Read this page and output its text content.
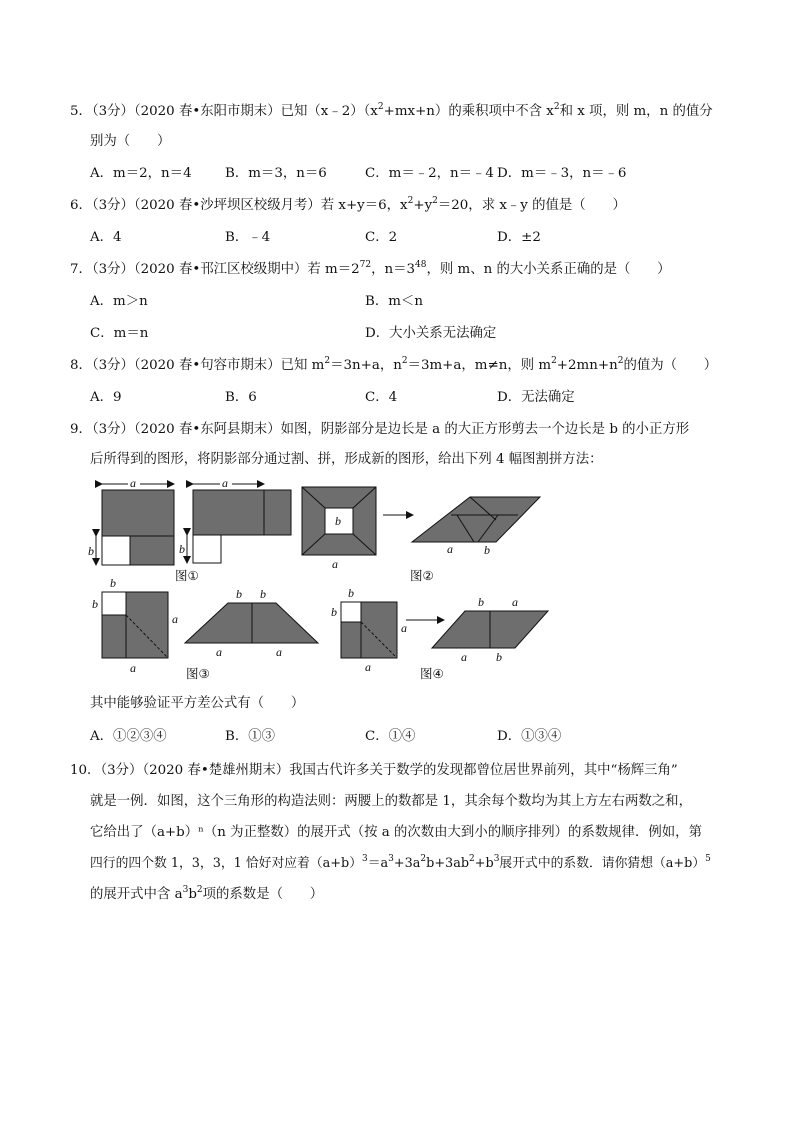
5．（3分）（2020 春•东阳市期末）已知$(x﹣2)(x^2+mx+n)$的乘积项中不含 $x^2$和 x 项，则 m，n 的值分
别为（　　）
A．m＝2，n＝4 B．m＝3，n＝6	C．m＝﹣2，n＝﹣4 D．m＝﹣3，n＝﹣6
6．（3分）（2020 春•沙坪坝区校级月考）若 x+y＝6，$x^2+y^2=20$，求 x﹣y 的值是（　　）
A．4	B．﹣4	C．2	D．±2
7．（3分）（2020 春•邗江区校级期中）若 $m=2^{72}$，$n=3^{48}$，则 m、n 的大小关系正确的是（　　）
A．m＞n	B．m＜n
C．m＝n	D．大小关系无法确定
8．（3分）（2020 春•句容市期末）已知 $m^2=3n+a$，$n^2=3m+a$，m≠n，则 $m^2+2mn+n^2$的值为（　　）
A．9	B．6	C．4	D．无法确定
9．（3分）（2020 春•东阿县期末）如图，阴影部分是边长是 a 的大正方形剪去一个边长是 b 的小正方形
后所得到的图形，将阴影部分通过割、拼，形成新的图形，给出下列 4 幅图割拼方法：
a
b
a
b
图①
b
a
a	b
图②
b
b
a
a
b b
a	a
图③
b
b
a
a
b a
a b
图④
其中能够验证平方差公式有（　　）
A．①②③④	B．①③	C．①④	D．①③④
10．（3分）（2020 春•楚雄州期末）我国古代许多关于数学的发现都曾位居世界前列，其中“杨辉三角”
就是一例．如图，这个三角形的构造法则：两腰上的数都是 1，其余每个数均为其上方左右两数之和，
它给出了（a+b）ⁿ（n 为正整数）的展开式（按 a 的次数由大到小的顺序排列）的系数规律．例如，第
四行的四个数 1，3，3，1 恰好对应着$(a+b)^3=a^3+3a^2b+3ab^2+b^3$展开式中的系数．请你猜想$(a+b)^5$
的展开式中含 $a^3b^2$项的系数是（　　）
